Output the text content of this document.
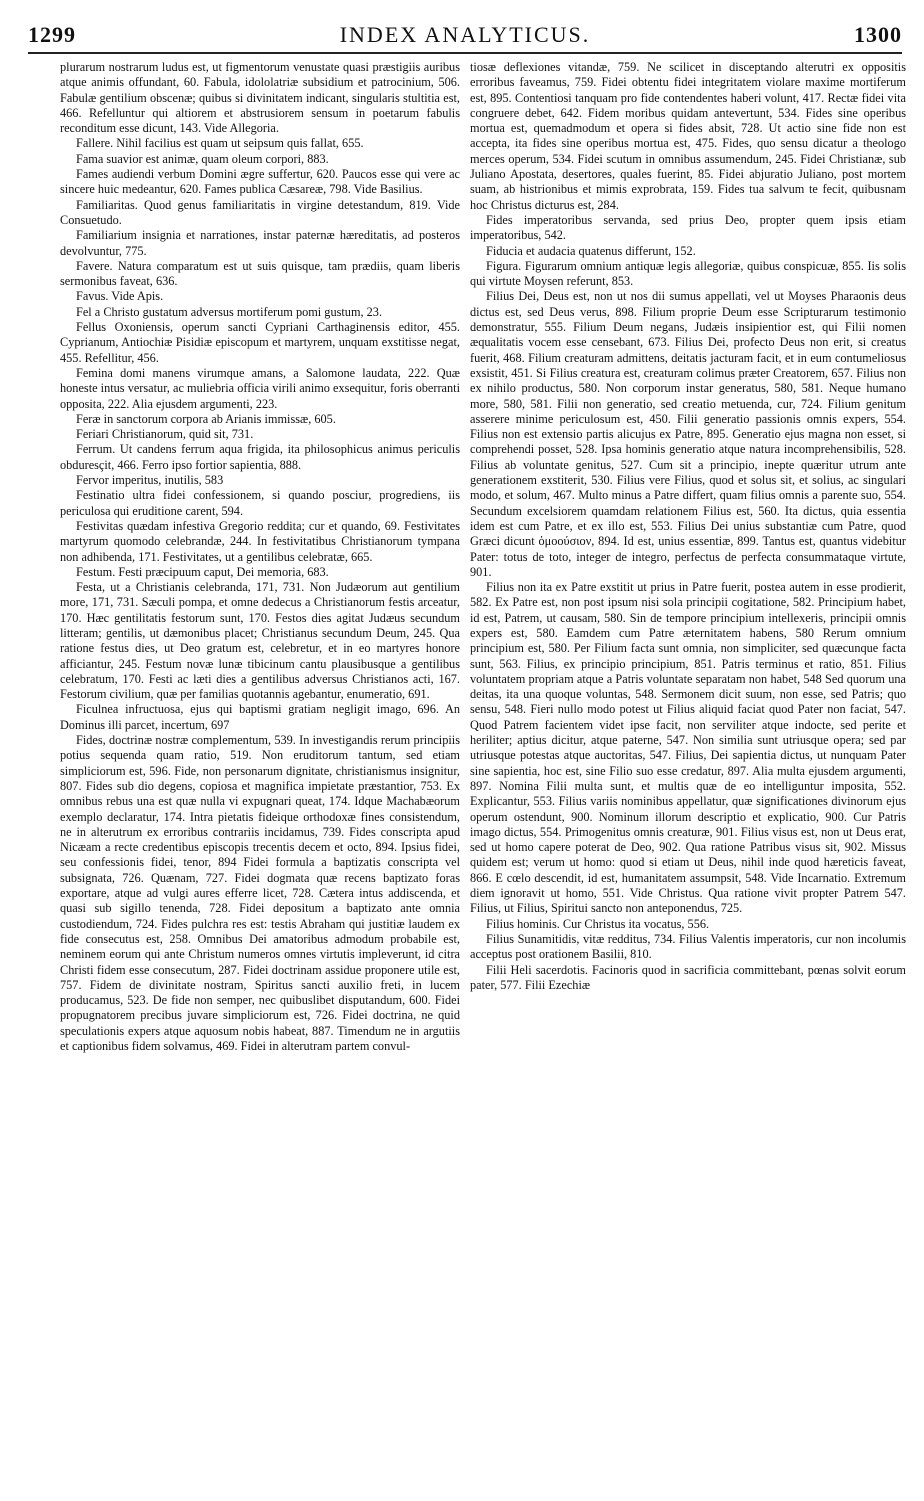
INDEX ANALYTICUS.
1299	1300

plurarum nostrarum ludus est, ut figmentorum venustate quasi præstigiis auribus atque animis offundant, 60. Fabula, idololatriæ subsidium et patrocinium, 506. Fabulæ gentilium obscenæ; quibus si divinitatem indicant, singularis stultitia est, 466. Refelluntur qui altiorem et abstrusiorem sensum in poetarum fabulis reconditum esse dicunt, 143. Vide Allegoria.

Fallere. Nihil facilius est quam ut seipsum quis fallat, 655.

Fama suavior est animæ, quam oleum corpori, 883.

Fames audiendi verbum Domini ægre suffertur, 620. Paucos esse qui vere ac sincere huic medeantur, 620. Fames publica Cæsareæ, 798. Vide Basilius.

Familiaritas. Quod genus familiaritatis in virgine detestandum, 819. Vide Consuetudo.

Familiarium insignia et narrationes, instar paternæ hæreditatis, ad posteros devolvuntur, 775.

Favere. Natura comparatum est ut suis quisque, tam prædiis, quam liberis sermonibus faveat, 636.

Favus. Vide Apis.

Fel a Christo gustatum adversus mortiferum pomi gustum, 23.

Fellus Oxoniensis, operum sancti Cypriani Carthaginensis editor, 455. Cyprianum, Antiochiæ Pisidiæ episcopum et martyrem, unquam exstitisse negat, 455. Refellitur, 456.

Femina domi manens virumque amans, a Salomone laudata, 222. Quæ honeste intus versatur, ac muliebria officia virili animo exsequitur, foris oberranti opposita, 222. Alia ejusdem argumenti, 223.

Feræ in sanctorum corpora ab Arianis immissæ, 605.

Feriari Christianorum, quid sit, 731.

Ferrum. Ut candens ferrum aqua frigida, ita philosophicus animus periculis obduresçit, 466. Ferro ipso fortior sapientia, 888.

Fervor imperitus, inutilis, 583

Festinatio ultra fidei confessionem, si quando posciur, progrediens, iis periculosa qui eruditione carent, 594.

Festivitas quædam infestiva Gregorio reddita; cur et quando, 69. Festivitates martyrum quomodo celebrandæ, 244. In festivitatibus Christianorum tympana non adhibenda, 171. Festivitates, ut a gentilibus celebratæ, 665.

Festum. Festi præcipuum caput, Dei memoria, 683.

Festa, ut a Christianis celebranda, 171, 731. Non Judæorum aut gentilium more, 171, 731. Sæculi pompa, et omne dedecus a Christianorum festis arceatur, 170. Hæc gentilitatis festorum sunt, 170. Festos dies agitat Judæus secundum litteram; gentilis, ut dæmonibus placet; Christianus secundum Deum, 245. Qua ratione festus dies, ut Deo gratum est, celebretur, et in eo martyres honore afficiantur, 245. Festum novæ lunæ tibicinum cantu plausibusque a gentilibus celebratum, 170. Festi ac læti dies a gentilibus adversus Christianos acti, 167. Festorum civilium, quæ per familias quotannis agebantur, enumeratio, 691.

Ficulnea infructuosa, ejus qui baptismi gratiam negligit imago, 696. An Dominus illi parcet, incertum, 697

Fides, doctrinæ nostræ complementum, 539. In investigandis rerum principiis potius sequenda quam ratio, 519. Non eruditorum tantum, sed etiam simpliciorum est, 596. Fide, non personarum dignitate, christianismus insignitur, 807. Fides sub dio degens, copiosa et magnifica impietate præstantior, 753. Ex omnibus rebus una est quæ nulla vi expugnari queat, 174. Idque Machabæorum exemplo declaratur, 174. Intra pietatis fideique orthodoxæ fines consistendum, ne in alterutrum ex erroribus contrariis incidamus, 739. Fides conscripta apud Nicæam a recte credentibus episcopis trecentis decem et octo, 894. Ipsius fidei, seu confessionis fidei, tenor, 894 Fidei formula a baptizatis conscripta vel subsignata, 726. Quænam, 727. Fidei dogmata quæ recens baptizato foras exportare, atque ad vulgi aures efferre licet, 728. Cætera intus addiscenda, et quasi sub sigillo tenenda, 728. Fidei depositum a baptizato ante omnia custodiendum, 724. Fides pulchra res est: testis Abraham qui justitiæ laudem ex fide consecutus est, 258. Omnibus Dei amatoribus admodum probabile est, neminem eorum qui ante Christum numeros omnes virtutis impleverunt, id citra Christi fidem esse consecutum, 287. Fidei doctrinam assidue proponere utile est, 757. Fidem de divinitate nostram, Spiritus sancti auxilio freti, in lucem producamus, 523. De fide non semper, nec quibuslibet disputandum, 600. Fidei propugnatorem precibus juvare simpliciorum est, 726. Fidei doctrina, ne quid speculationis expers atque aquosum nobis habeat, 887. Timendum ne in argutiis et captionibus fidem solvamus, 469. Fidei in alterutram partem convul-

tiosæ deflexiones vitandæ, 759. Ne scilicet in disceptando alterutri ex oppositis erroribus faveamus, 759. Fidei obtentu fidei integritatem violare maxime mortiferum est, 895. Contentiosi tanquam pro fide contendentes haberi volunt, 417. Rectæ fidei vita congruere debet, 642. Fidem moribus quidam antevertunt, 534. Fides sine operibus mortua est, quemadmodum et opera si fides absit, 728. Ut actio sine fide non est accepta, ita fides sine operibus mortua est, 475. Fides, quo sensu dicatur a theologo merces operum, 534. Fidei scutum in omnibus assumendum, 245. Fidei Christianæ, sub Juliano Apostata, desertores, quales fuerint, 85. Fidei abjuratio Juliano, post mortem suam, ab histrionibus et mimis exprobrata, 159. Fides tua salvum te fecit, quibusnam hoc Christus dicturus est, 284.

Fides imperatoribus servanda, sed prius Deo, propter quem ipsis etiam imperatoribus, 542.

Fiducia et audacia quatenus differunt, 152.

Figura. Figurarum omnium antiquæ legis allegoriæ, quibus conspicuæ, 855. Iis solis qui virtute Moysen referunt, 853.

Filius Dei, Deus est, non ut nos dii sumus appellati, vel ut Moyses Pharaonis deus dictus est, sed Deus verus, 898. Filium proprie Deum esse Scripturarum testimonio demonstratur, 555. Filium Deum negans, Judæis insipientior est, qui Filii nomen æqualitatis vocem esse censebant, 673. Filius Dei, profecto Deus non erit, si creatus fuerit, 468. Filium creaturam admittens, deitatis jacturam facit, et in eum contumeliosus exsistit, 451. Si Filius creatura est, creaturam colimus præter Creatorem, 657. Filius non ex nihilo productus, 580. Non corporum instar generatus, 580, 581. Neque humano more, 580, 581. Filii non generatio, sed creatio metuenda, cur, 724. Filium genitum asserere minime periculosum est, 450. Filii generatio passionis omnis expers, 554. Filius non est extensio partis alicujus ex Patre, 895. Generatio ejus magna non esset, si comprehendi posset, 528. Ipsa hominis generatio atque natura incomprehensibilis, 528. Filius ab voluntate genitus, 527. Cum sit a principio, inepte quæritur utrum ante generationem exstiterit, 530. Filius vere Filius, quod et solus sit, et solius, ac singulari modo, et solum, 467. Multo minus a Patre differt, quam filius omnis a parente suo, 554. Secundum excelsiorem quamdam relationem Filius est, 560. Ita dictus, quia essentia idem est cum Patre, et ex illo est, 553. Filius Dei unius substantiæ cum Patre, quod Græci dicunt ὁμοούσιον, 894. Id est, unius essentiæ, 899. Tantus est, quantus videbitur Pater: totus de toto, integer de integro, perfectus de perfecta consummataque virtute, 901.

Filius non ita ex Patre exstitit ut prius in Patre fuerit, postea autem in esse prodierit, 582. Ex Patre est, non post ipsum nisi sola principii cogitatione, 582. Principium habet, id est, Patrem, ut causam, 580. Sin de tempore principium intellexeris, principii omnis expers est, 580. Eamdem cum Patre æternitatem habens, 580 Rerum omnium principium est, 580. Per Filium facta sunt omnia, non simpliciter, sed quæcunque facta sunt, 563. Filius, ex principio principium, 851. Patris terminus et ratio, 851. Filius voluntatem propriam atque a Patris voluntate separatam non habet, 548 Sed quorum una deitas, ita una quoque voluntas, 548. Sermonem dicit suum, non esse, sed Patris; quo sensu, 548. Fieri nullo modo potest ut Filius aliquid faciat quod Pater non faciat, 547. Quod Patrem facientem videt ipse facit, non serviliter atque indocte, sed perite et heriliter; aptius dicitur, atque paterne, 547. Non similia sunt utriusque opera; sed par utriusque potestas atque auctoritas, 547. Filius, Dei sapientia dictus, ut nunquam Pater sine sapientia, hoc est, sine Filio suo esse credatur, 897. Alia multa ejusdem argumenti, 897. Nomina Filii multa sunt, et multis quæ de eo intelliguntur imposita, 552. Explicantur, 553. Filius variis nominibus appellatur, quæ significationes divinorum ejus operum ostendunt, 900. Nominum illorum descriptio et explicatio, 900. Cur Patris imago dictus, 554. Primogenitus omnis creaturæ, 901. Filius visus est, non ut Deus erat, sed ut homo capere poterat de Deo, 902. Qua ratione Patribus visus sit, 902. Missus quidem est; verum ut homo: quod si etiam ut Deus, nihil inde quod hæreticis faveat, 866. E cœlo descendit, id est, humanitatem assumpsit, 548. Vide Incarnatio. Extremum diem ignoravit ut homo, 551. Vide Christus. Qua ratione vivit propter Patrem 547. Filius, ut Filius, Spiritui sancto non anteponendus, 725.

Filius hominis. Cur Christus ita vocatus, 556.

Filius Sunamitidis, vitæ redditus, 734. Filius Valentis imperatoris, cur non incolumis acceptus post orationem Basilii, 810.

Filii Heli sacerdotis. Facinoris quod in sacrificia committebant, pœnas solvit eorum pater, 577. Filii Ezechiæ
